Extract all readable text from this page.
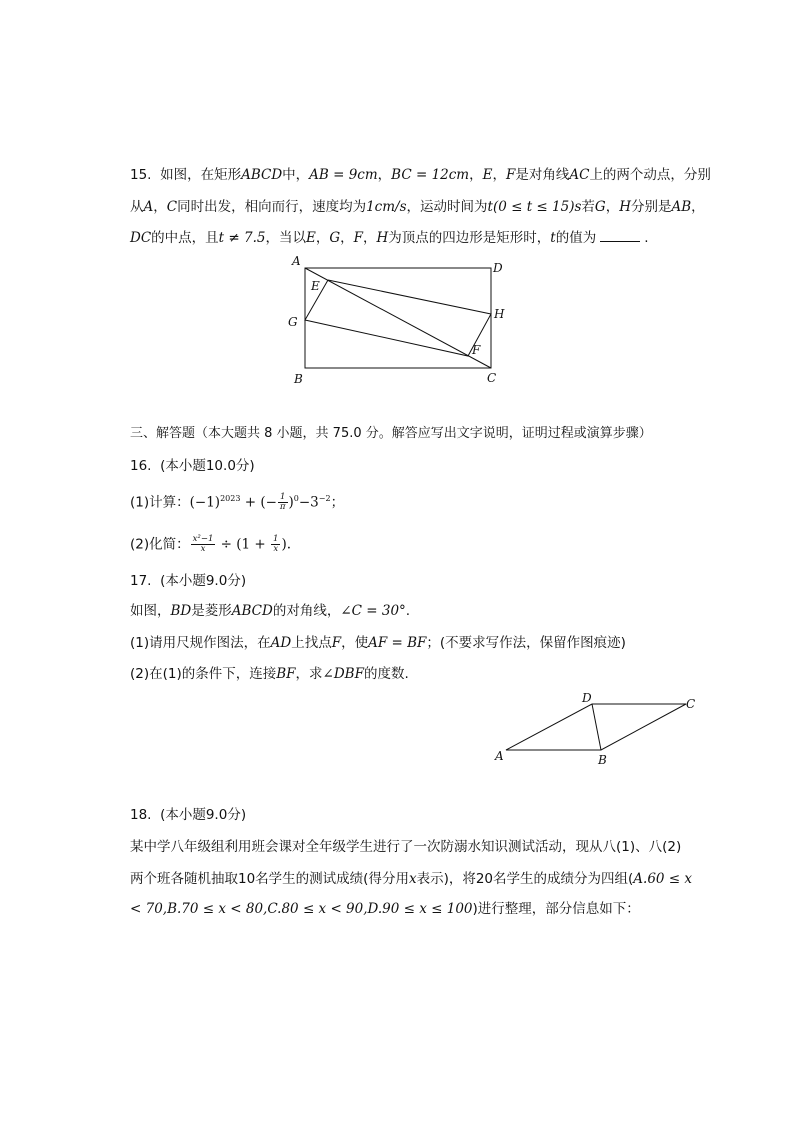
15. 如图，在矩形ABCD中，AB = 9cm，BC = 12cm，E，F是对角线AC上的两个动点，分别
从A，C同时出发，相向而行，速度均为1cm/s，运动时间为t(0 ≤ t ≤ 15)s若G，H分别是AB，
DC的中点，且t ≠ 7.5，当以E，G，F，H为顶点的四边形是矩形时，t的值为	.
A	D
E
G
H
F
B	C
三、解答题（本大题共 8 小题，共 75.0 分。解答应写出文字说明，证明过程或演算步骤）
16. (本小题10.0分)
(1)计算：$(-1)^{2023}$ + (− $\frac{1}{\pi} )^0-3^{-2}$；
(2)化简： $\frac{\text{x²−1}}{x} \div (1 + \frac{1}{x}$ ).
17. (本小题9.0分)
如图，BD是菱形ABCD的对角线，∠C = 30°.
(1)请用尺规作图法，在AD上找点F，使AF = BF；(不要求写作法，保留作图痕迹)
(2)在(1)的条件下，连接BF，求∠DBF的度数.
A	B
C
D
18. (本小题9.0分)
某中学八年级组利用班会课对全年级学生进行了一次防溺水知识测试活动，现从八(1)、八(2)
两个班各随机抽取10名学生的测试成绩(得分用x表示)，将20名学生的成绩分为四组(A.60 ≤ x
< 70,B.70 ≤ x < 80,C.80 ≤ x < 90,D.90 ≤ x ≤ 100)进行整理，部分信息如下：
